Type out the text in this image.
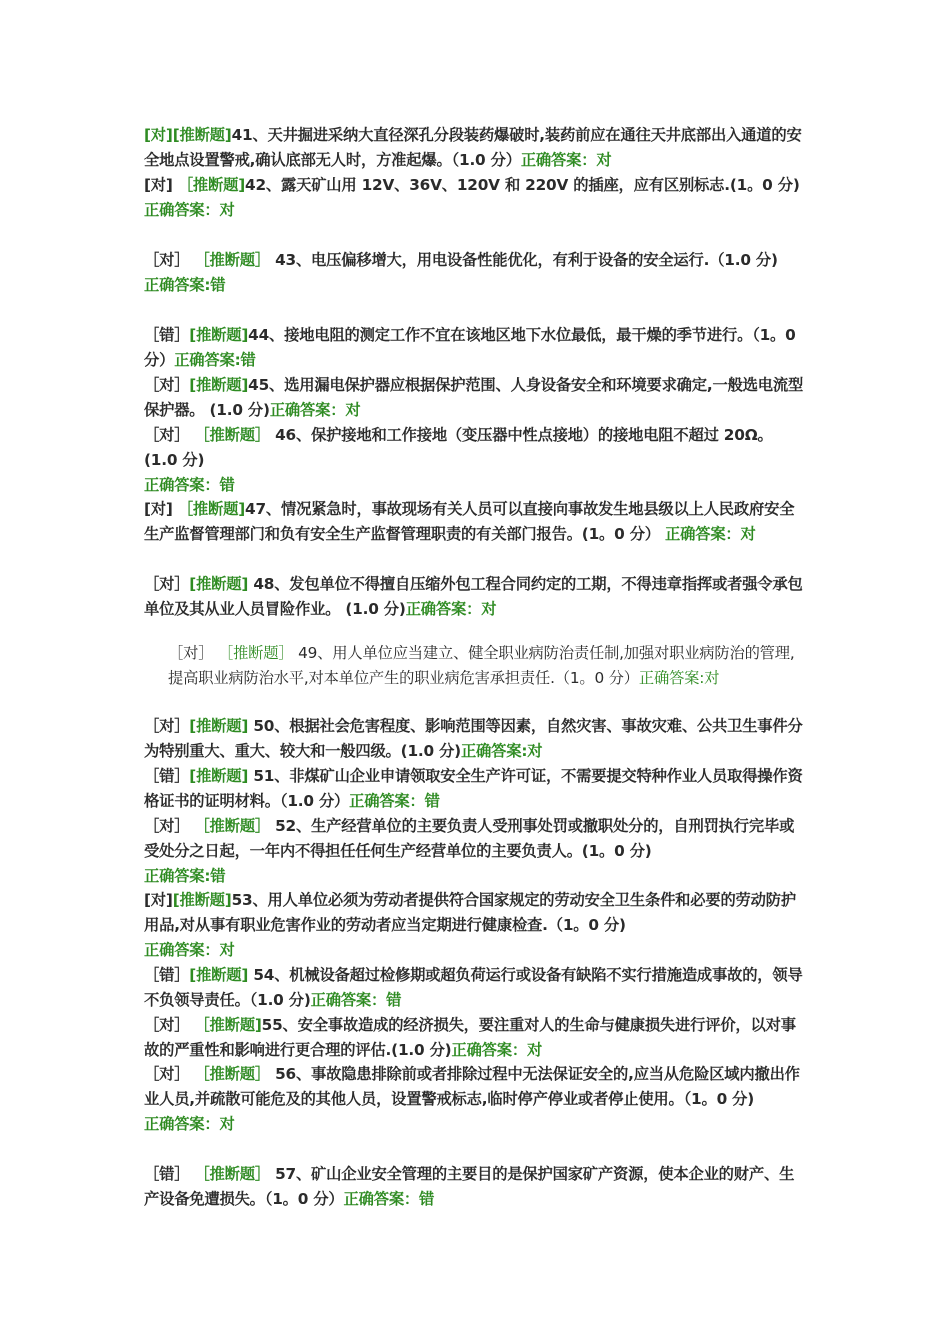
[对][推断题]41、天井掘进采纳大直径深孔分段装药爆破时,装药前应在通往天井底部出入通道的安全地点设置警戒,确认底部无人时，方准起爆。（1.0 分）正确答案：对
[对] ［推断题]42、露天矿山用 12V、36V、120V 和 220V 的插座，应有区别标志.(1。0 分)
正确答案：对
［对］ ［推断题］ 43、电压偏移增大，用电设备性能优化，有利于设备的安全运行.（1.0 分)
正确答案:错
［错］[推断题]44、接地电阻的测定工作不宜在该地区地下水位最低，最干燥的季节进行。（1。0 分）正确答案:错
［对］[推断题]45、选用漏电保护器应根据保护范围、人身设备安全和环境要求确定,一般选电流型保护器。 (1.0 分)正确答案：对
［对］ ［推断题］ 46、保护接地和工作接地（变压器中性点接地）的接地电阻不超过 20Ω。 (1.0 分)
正确答案：错
[对] ［推断题]47、情况紧急时，事故现场有关人员可以直接向事故发生地县级以上人民政府安全生产监督管理部门和负有安全生产监督管理职责的有关部门报告。(1。0 分） 正确答案：对
［对］[推断题] 48、发包单位不得擅自压缩外包工程合同约定的工期，不得违章指挥或者强令承包单位及其从业人员冒险作业。 (1.0 分)正确答案：对
［对］ ［推断题］ 49、用人单位应当建立、健全职业病防治责任制,加强对职业病防治的管理,提高职业病防治水平,对本单位产生的职业病危害承担责任.（1。0 分）正确答案:对
［对］[推断题] 50、根据社会危害程度、影响范围等因素，自然灾害、事故灾难、公共卫生事件分为特别重大、重大、较大和一般四级。(1.0 分)正确答案:对
［错］[推断题] 51、非煤矿山企业申请领取安全生产许可证，不需要提交特种作业人员取得操作资格证书的证明材料。（1.0 分）正确答案：错
［对］ ［推断题］ 52、生产经营单位的主要负责人受刑事处罚或撤职处分的，自刑罚执行完毕或受处分之日起，一年内不得担任任何生产经营单位的主要负责人。(1。0 分)
正确答案:错
[对][推断题]53、用人单位必须为劳动者提供符合国家规定的劳动安全卫生条件和必要的劳动防护用品,对从事有职业危害作业的劳动者应当定期进行健康检查.（1。0 分)
正确答案：对
［错］[推断题] 54、机械设备超过检修期或超负荷运行或设备有缺陷不实行措施造成事故的，领导不负领导责任。（1.0 分)正确答案：错
［对］ ［推断题]55、安全事故造成的经济损失，要注重对人的生命与健康损失进行评价，以对事故的严重性和影响进行更合理的评估.(1.0 分)正确答案：对
［对］ ［推断题］ 56、事故隐患排除前或者排除过程中无法保证安全的,应当从危险区域内撤出作业人员,并疏散可能危及的其他人员，设置警戒标志,临时停产停业或者停止使用。（1。0 分)
正确答案：对
［错］ ［推断题］ 57、矿山企业安全管理的主要目的是保护国家矿产资源，使本企业的财产、生产设备免遭损失。（1。0 分）正确答案：错
